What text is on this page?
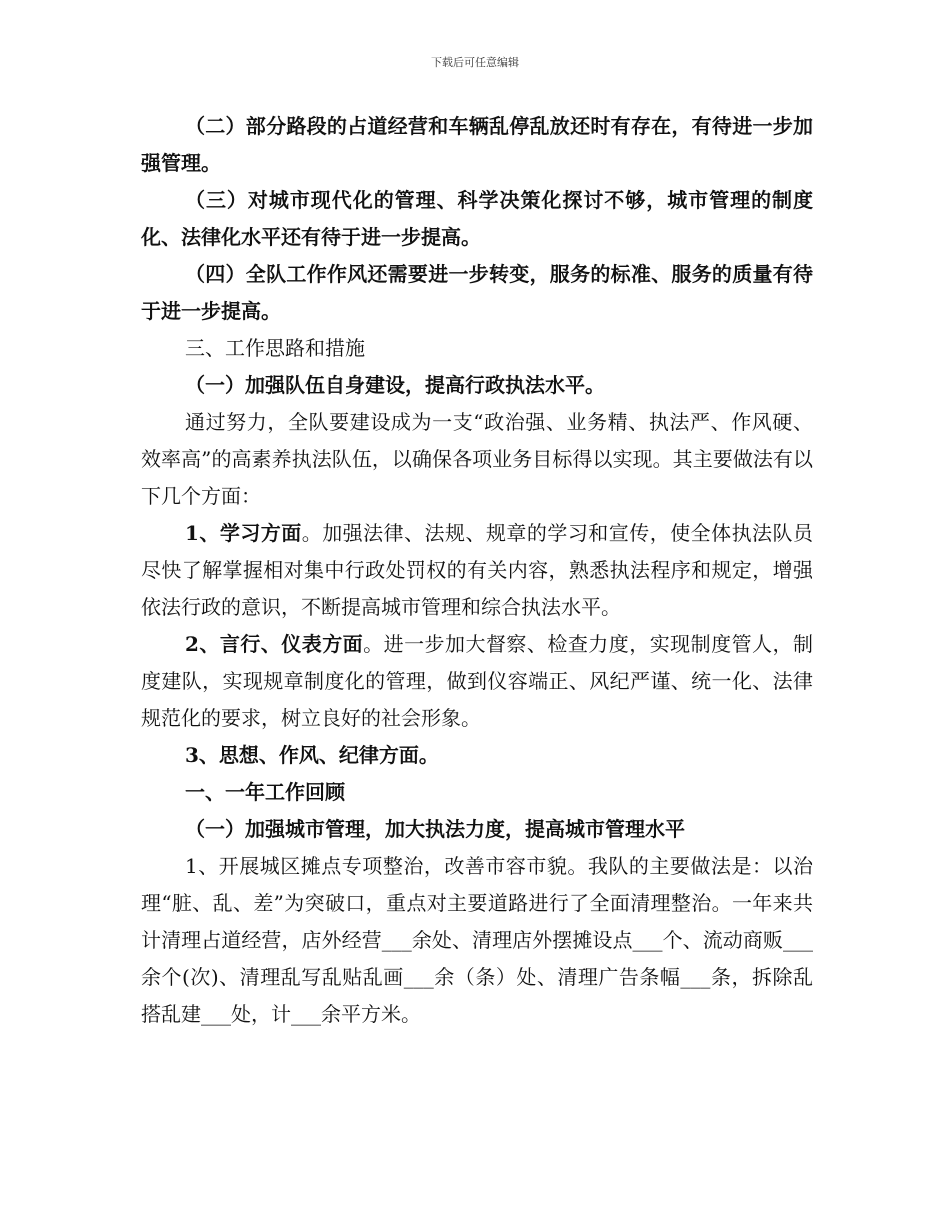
下载后可任意编辑

（二）部分路段的占道经营和车辆乱停乱放还时有存在，有待进一步加强管理。

（三）对城市现代化的管理、科学决策化探讨不够，城市管理的制度化、法律化水平还有待于进一步提高。

（四）全队工作作风还需要进一步转变，服务的标准、服务的质量有待于进一步提高。

三、工作思路和措施

（一）加强队伍自身建设，提高行政执法水平。

通过努力，全队要建设成为一支“政治强、业务精、执法严、作风硬、效率高”的高素养执法队伍，以确保各项业务目标得以实现。其主要做法有以下几个方面：

1、学习方面。加强法律、法规、规章的学习和宣传，使全体执法队员尽快了解掌握相对集中行政处罚权的有关内容，熟悉执法程序和规定，增强依法行政的意识，不断提高城市管理和综合执法水平。

2、言行、仪表方面。进一步加大督察、检查力度，实现制度管人，制度建队，实现规章制度化的管理，做到仪容端正、风纪严谨、统一化、法律规范化的要求，树立良好的社会形象。

3、思想、作风、纪律方面。

一、一年工作回顾

（一）加强城市管理，加大执法力度，提高城市管理水平

1、开展城区摊点专项整治，改善市容市貌。我队的主要做法是：以治理“脏、乱、差”为突破口，重点对主要道路进行了全面清理整治。一年来共计清理占道经营，店外经营___余处、清理店外摆摊设点___个、流动商贩___余个(次)、清理乱写乱贴乱画___余（条）处、清理广告条幅___条，拆除乱搭乱建___处，计___余平方米。
